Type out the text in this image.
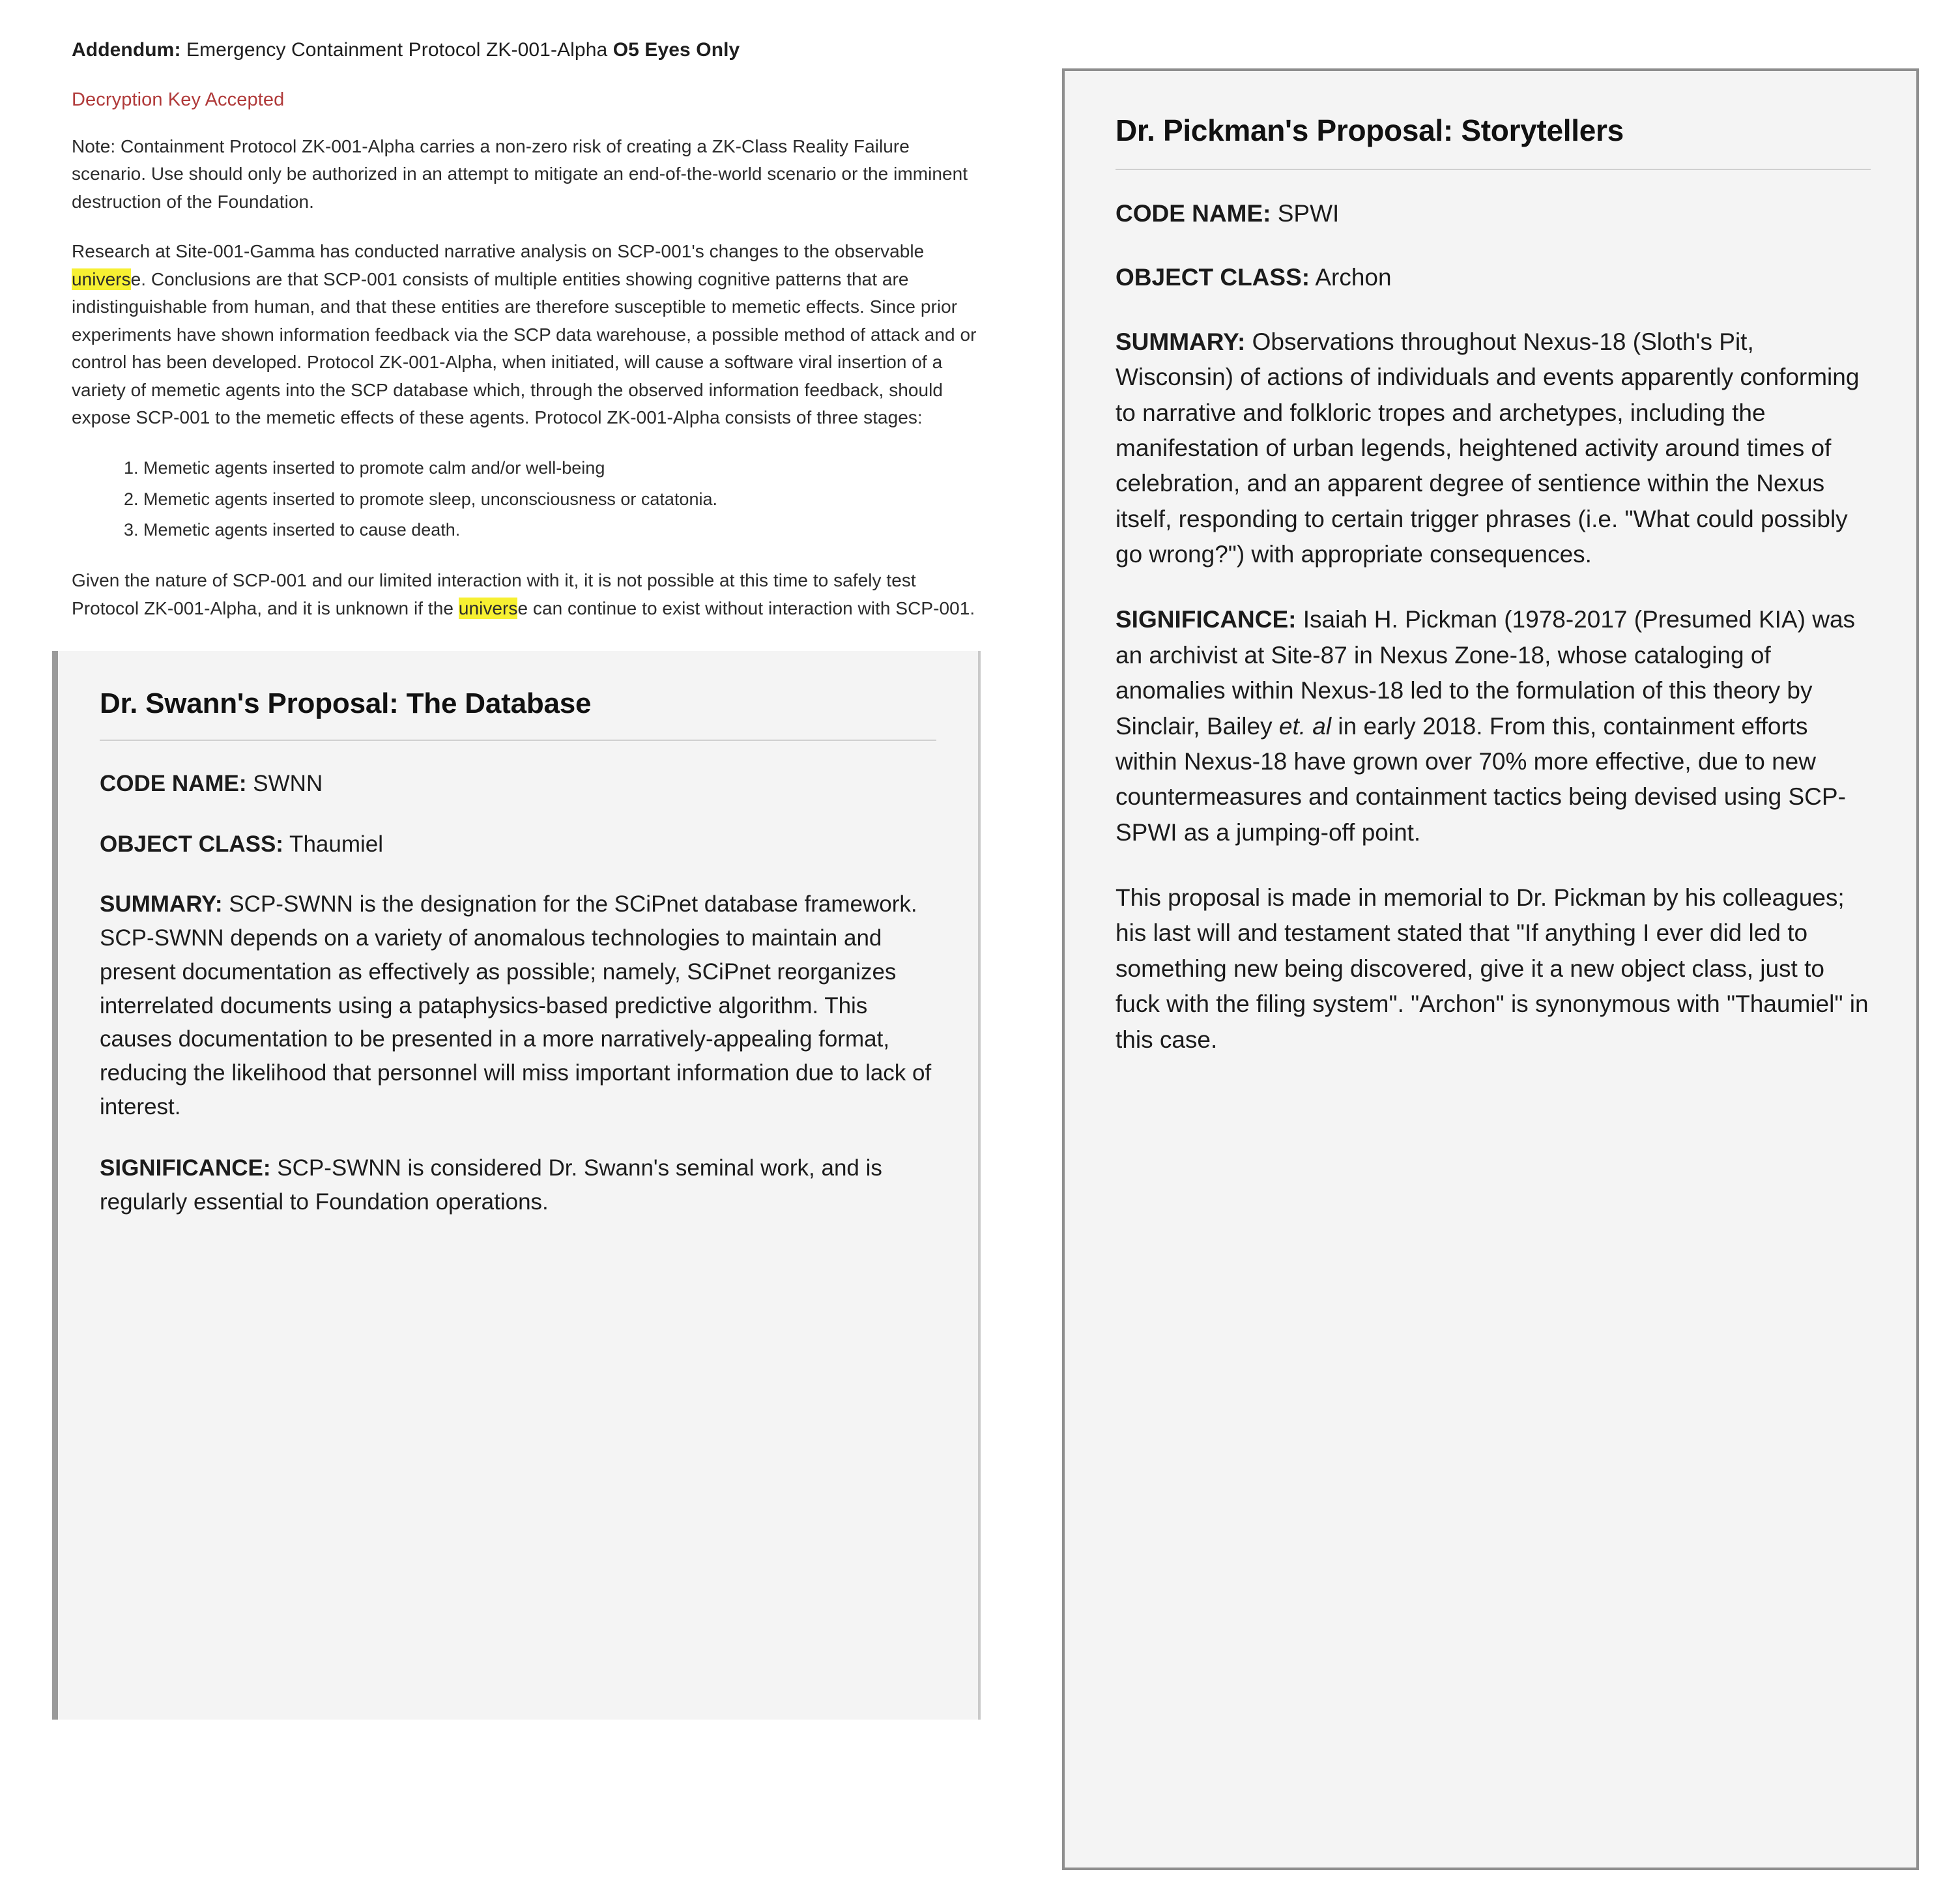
Addendum: Emergency Containment Protocol ZK-001-Alpha O5 Eyes Only

Decryption Key Accepted

Note: Containment Protocol ZK-001-Alpha carries a non-zero risk of creating a ZK-Class Reality Failure scenario. Use should only be authorized in an attempt to mitigate an end-of-the-world scenario or the imminent destruction of the Foundation.

Research at Site-001-Gamma has conducted narrative analysis on SCP-001's changes to the observable universe. Conclusions are that SCP-001 consists of multiple entities showing cognitive patterns that are indistinguishable from human, and that these entities are therefore susceptible to memetic effects. Since prior experiments have shown information feedback via the SCP data warehouse, a possible method of attack and or control has been developed. Protocol ZK-001-Alpha, when initiated, will cause a software viral insertion of a variety of memetic agents into the SCP database which, through the observed information feedback, should expose SCP-001 to the memetic effects of these agents. Protocol ZK-001-Alpha consists of three stages:

1. Memetic agents inserted to promote calm and/or well-being
2. Memetic agents inserted to promote sleep, unconsciousness or catatonia.
3. Memetic agents inserted to cause death.

Given the nature of SCP-001 and our limited interaction with it, it is not possible at this time to safely test Protocol ZK-001-Alpha, and it is unknown if the universe can continue to exist without interaction with SCP-001.

Dr. Swann's Proposal: The Database

CODE NAME: SWNN

OBJECT CLASS: Thaumiel

SUMMARY: SCP-SWNN is the designation for the SCiPnet database framework. SCP-SWNN depends on a variety of anomalous technologies to maintain and present documentation as effectively as possible; namely, SCiPnet reorganizes interrelated documents using a pataphysics-based predictive algorithm. This causes documentation to be presented in a more narratively-appealing format, reducing the likelihood that personnel will miss important information due to lack of interest.

SIGNIFICANCE: SCP-SWNN is considered Dr. Swann's seminal work, and is regularly essential to Foundation operations.

Dr. Pickman's Proposal: Storytellers

CODE NAME: SPWI

OBJECT CLASS: Archon

SUMMARY: Observations throughout Nexus-18 (Sloth's Pit, Wisconsin) of actions of individuals and events apparently conforming to narrative and folkloric tropes and archetypes, including the manifestation of urban legends, heightened activity around times of celebration, and an apparent degree of sentience within the Nexus itself, responding to certain trigger phrases (i.e. "What could possibly go wrong?") with appropriate consequences.

SIGNIFICANCE: Isaiah H. Pickman (1978-2017 (Presumed KIA) was an archivist at Site-87 in Nexus Zone-18, whose cataloging of anomalies within Nexus-18 led to the formulation of this theory by Sinclair, Bailey et. al in early 2018. From this, containment efforts within Nexus-18 have grown over 70% more effective, due to new countermeasures and containment tactics being devised using SCP-SPWI as a jumping-off point.

This proposal is made in memorial to Dr. Pickman by his colleagues; his last will and testament stated that "If anything I ever did led to something new being discovered, give it a new object class, just to fuck with the filing system". "Archon" is synonymous with "Thaumiel" in this case.
